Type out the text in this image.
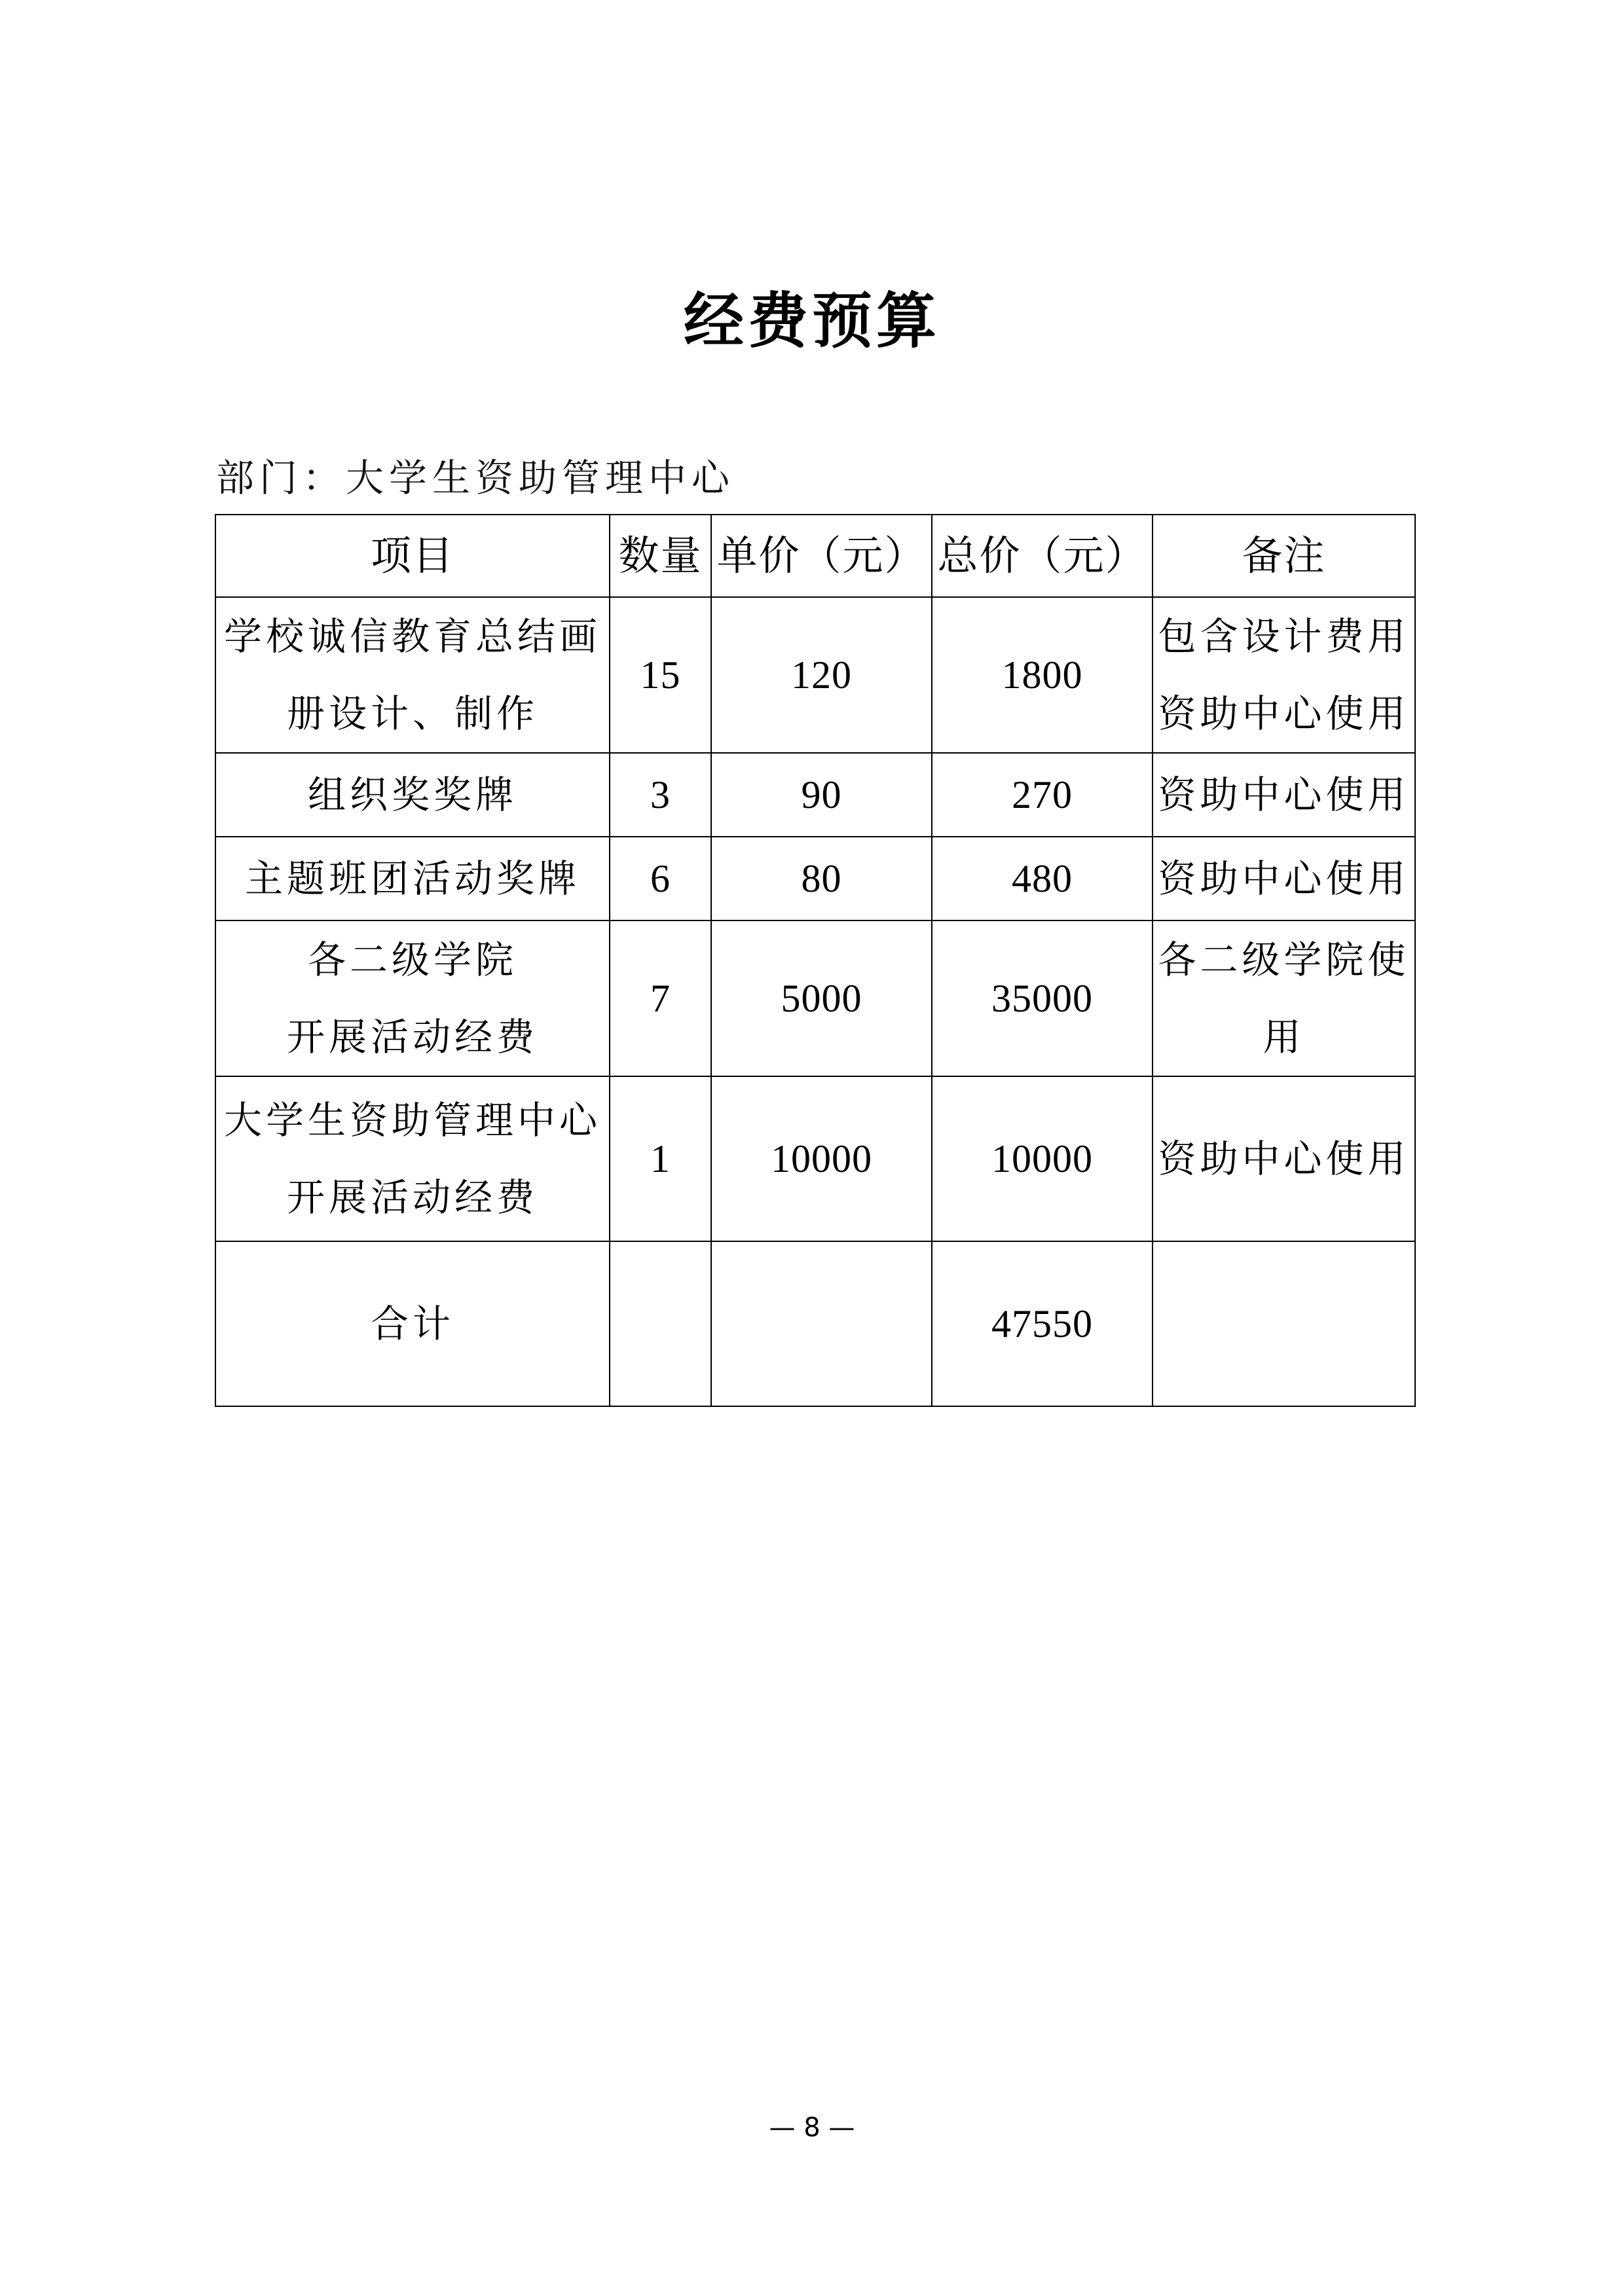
经费预算
部门：大学生资助管理中心
项目	数量	单价（元）	总价（元）	备注

学校诚信教育总结画
册设计、制作	15	120	1800	包含设计费用
资助中心使用

组织奖奖牌	3	90	270	资助中心使用

主题班团活动奖牌	6	80	480	资助中心使用

各二级学院
开展活动经费	7	5000	35000	各二级学院使
用

大学生资助管理中心
开展活动经费	1	10000	10000	资助中心使用

合计			47550	
— 8 —
